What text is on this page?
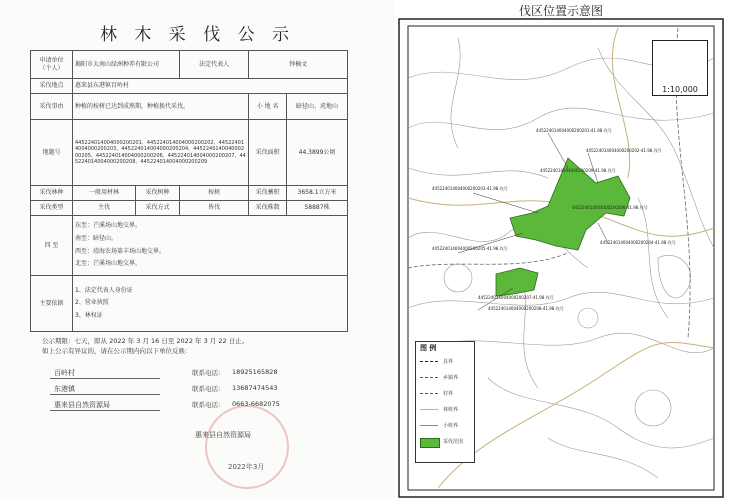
林 木 采 伐 公 示
申请单位 （个人）	揭阳市大南山绿洲种养有限公司		法定代表人	钟楠文	
采伐地点	惠来县东港镇百岭村				
采伐事由	种植的桉树已达到成熟期，种植换代采伐。			小 地 名	暗径山、虎地山
地题号	445224014004000200201、445224014004000200202、445224014004000200203、445224014004000200204、445224014004000200205、445224014004000200206、445224014004000200207、445224014004000200208、445224014004000200209			采伐面积	44.3899公顷
采伐林种	一般用材林	采伐树种	桉树	采伐蓄积	3658.1立方米
采伐类型	主伐	采伐方式	皆伐	采伐株数	58887株
四 至	东至：芒溪场山地交界。
南至：暗径山。
西至：靖海农场第丰场山地交界。
北至：芒溪场山地交界。				

主要依据	1、法定代表人身份证
2、营业执照
3、林权证				
公示期限：七天，即从 2022 年 3 月 16 日至 2022 年 3 月 22 日止。
如上公示有异议的，请在公示期内向以下单位反映：
百岭村	联系电话： 18925165828
东港镇	联系电话： 13687474543
惠来县自然资源局	联系电话： 0663-6682075
惠来县自然资源局
2022年3月
伐区位置示意图
1:10,000
445224014004000200201-41.98.伐号
445224014004000200202-41.98.伐号
445224014004000200203-41.98.伐号
445224014004000200204-41.98.伐号
445224014004000200205-41.98.伐号
445224014004000200206-41.98.伐号
445224014004000200207-41.98.伐号
445224014004000200208-41.98.伐号
445224014004000200209-41.98.伐号
图 例
县界
乡镇界
村界
林班界
小班界
采伐范围
